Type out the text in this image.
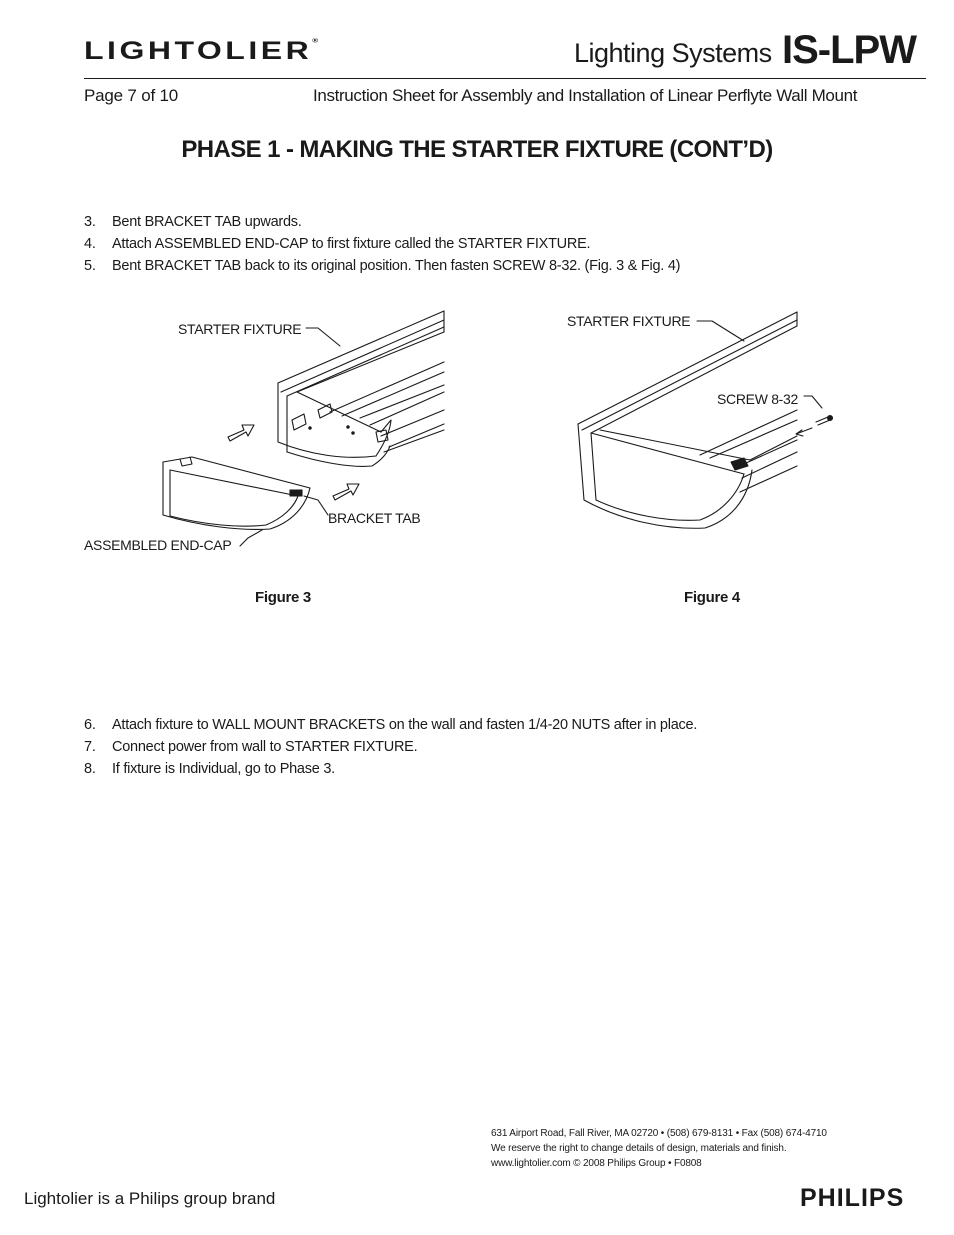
LIGHTOLIER®	Lighting Systems IS-LPW
Page 7 of 10	Instruction Sheet for Assembly and Installation of Linear Perflyte Wall Mount
PHASE 1 - MAKING THE STARTER FIXTURE (CONT’D)
3. Bent BRACKET TAB upwards.
4. Attach ASSEMBLED END-CAP to first fixture called the STARTER FIXTURE.
5. Bent BRACKET TAB back to its original position. Then fasten SCREW 8-32. (Fig. 3 & Fig. 4)
STARTER FIXTURE
BRACKET TAB
ASSEMBLED END-CAP
STARTER FIXTURE
SCREW 8-32
Figure 3	Figure 4
6. Attach fixture to WALL MOUNT BRACKETS on the wall and fasten 1/4-20 NUTS after in place.
7. Connect power from wall to STARTER FIXTURE.
8. If fixture is Individual, go to Phase 3.
631 Airport Road, Fall River, MA 02720 • (508) 679-8131 • Fax (508) 674-4710
We reserve the right to change details of design, materials and finish.
www.lightolier.com © 2008 Philips Group • F0808
Lightolier is a Philips group brand	PHILIPS
